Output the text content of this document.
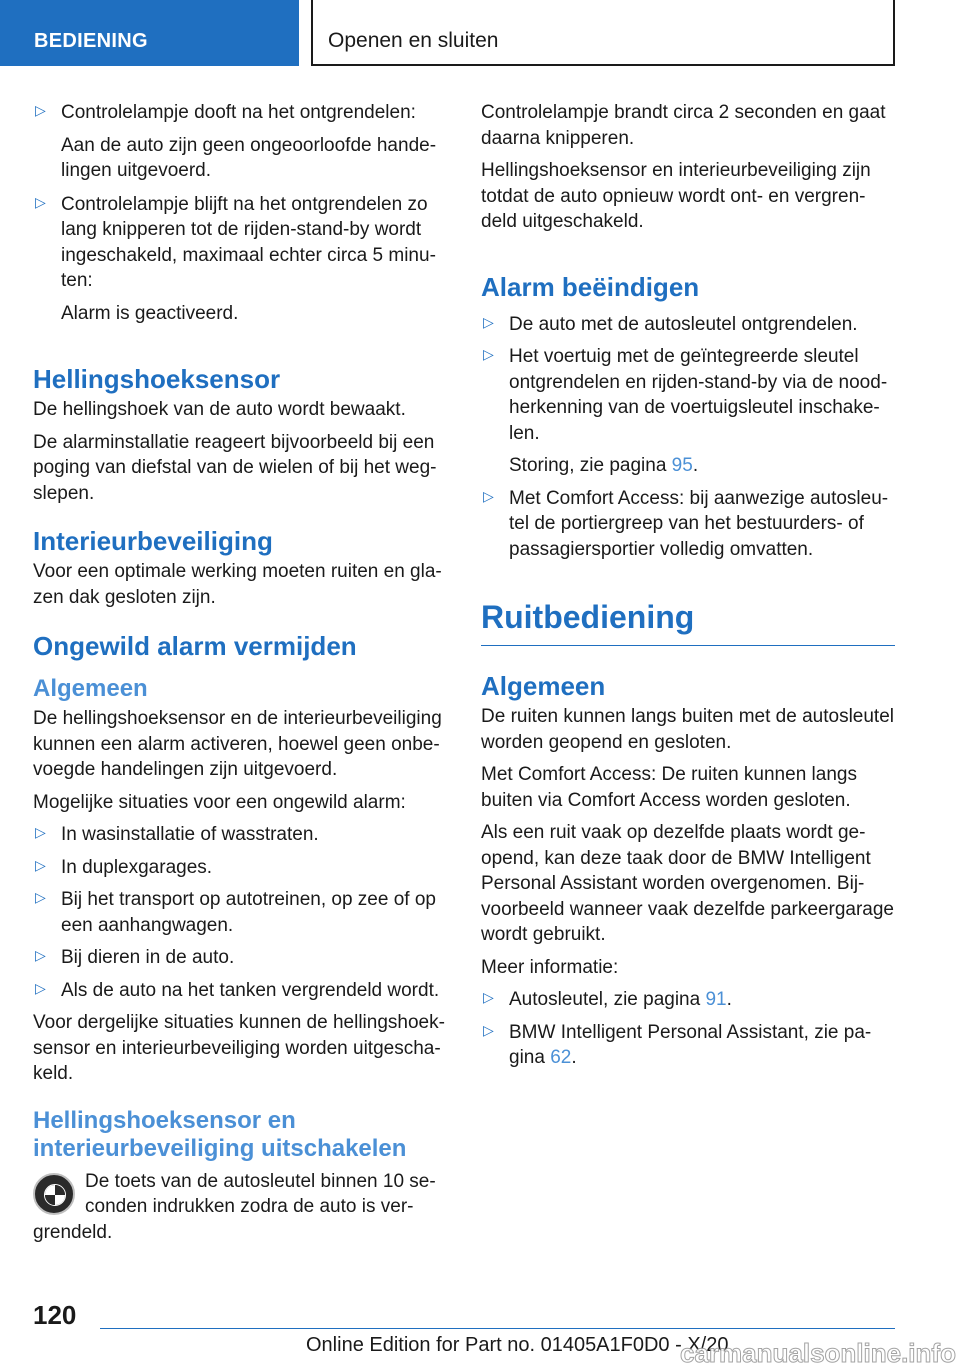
BEDIENING	Openen en sluiten
▷ Controlelampje dooft na het ontgrendelen:

Aan de auto zijn geen ongeoorloofde handelingen uitgevoerd.

▷ Controlelampje blijft na het ontgrendelen zo lang knipperen tot de rijden-stand-by wordt ingeschakeld, maximaal echter circa 5 minuten:

Alarm is geactiveerd.

Hellingshoeksensor

De hellingshoek van de auto wordt bewaakt.

De alarminstallatie reageert bijvoorbeeld bij een poging van diefstal van de wielen of bij het wegslepen.

Interieurbeveiliging

Voor een optimale werking moeten ruiten en glazen dak gesloten zijn.

Ongewild alarm vermijden
Algemeen

De hellingshoeksensor en de interieurbeveiliging kunnen een alarm activeren, hoewel geen onbevoegde handelingen zijn uitgevoerd.

Mogelijke situaties voor een ongewild alarm:

▷ In wasinstallatie of wasstraten.

▷ In duplexgarages.

▷ Bij het transport op autotreinen, op zee of op een aanhangwagen.

▷ Bij dieren in de auto.

▷ Als de auto na het tanken vergrendeld wordt.

Voor dergelijke situaties kunnen de hellingshoeksensor en interieurbeveiliging worden uitgeschakeld.

Hellingshoeksensor en interieurbeveiliging uitschakelen

De toets van de autosleutel binnen 10 seconden indrukken zodra de auto is vergrendeld.

Controlelampje brandt circa 2 seconden en gaat daarna knipperen.

Hellingshoeksensor en interieurbeveiliging zijn totdat de auto opnieuw wordt ont- en vergrendeld uitgeschakeld.

Alarm beëindigen
▷ De auto met de autosleutel ontgrendelen.

▷ Het voertuig met de geïntegreerde sleutel ontgrendelen en rijden-stand-by via de noodherkenning van de voertuigsleutel inschakelen.

Storing, zie pagina 95.

▷ Met Comfort Access: bij aanwezige autosleutel de portiergreep van het bestuurders- of passagiersportier volledig omvatten.

Ruitbediening
Algemeen

De ruiten kunnen langs buiten met de autosleutel worden geopend en gesloten.

Met Comfort Access: De ruiten kunnen langs buiten via Comfort Access worden gesloten.

Als een ruit vaak op dezelfde plaats wordt geopend, kan deze taak door de BMW Intelligent Personal Assistant worden overgenomen. Bijvoorbeeld wanneer vaak dezelfde parkeergarage wordt gebruikt.

Meer informatie:

▷ Autosleutel, zie pagina 91.

▷ BMW Intelligent Personal Assistant, zie pagina 62.

120
Online Edition for Part no. 01405A1F0D0 - X/20
carmanualsonline.info
